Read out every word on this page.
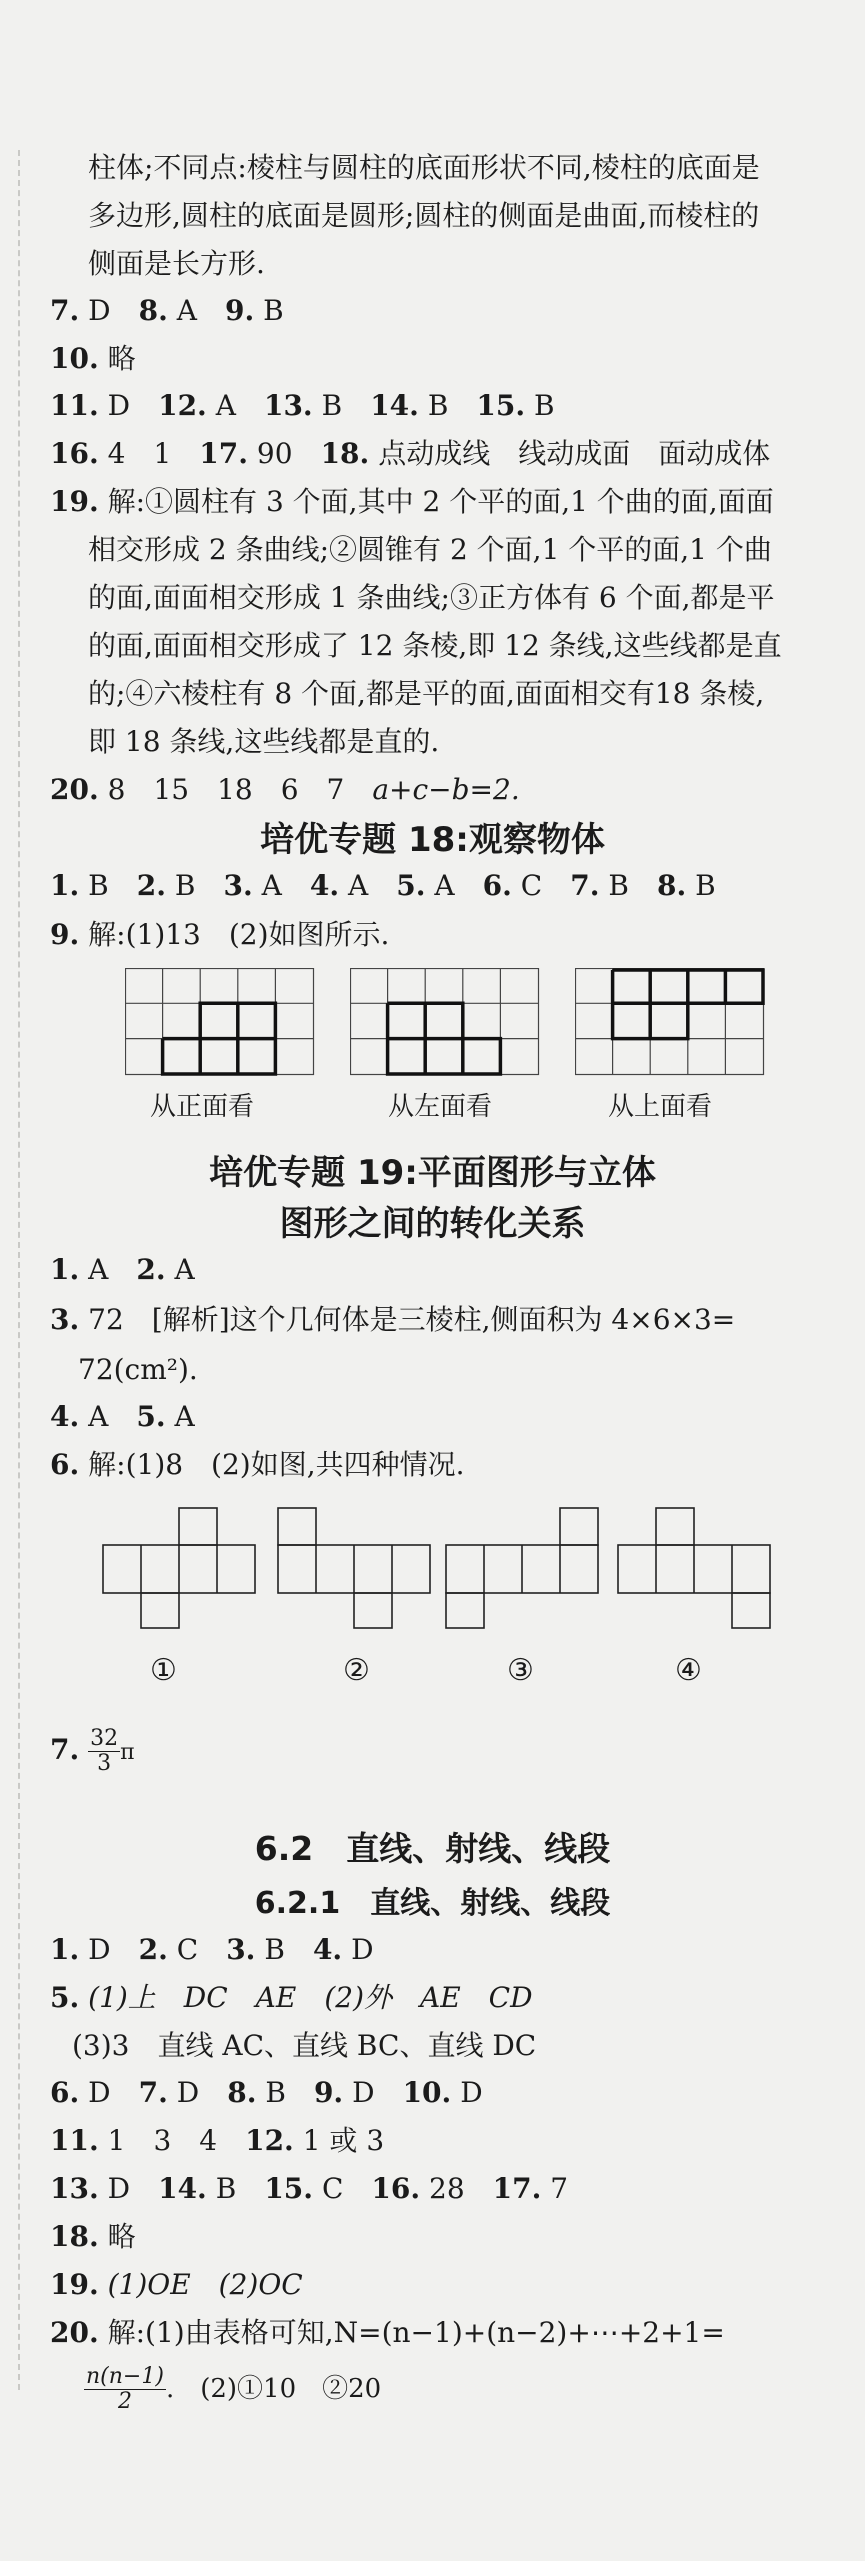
柱体;不同点:棱柱与圆柱的底面形状不同,棱柱的底面是
多边形,圆柱的底面是圆形;圆柱的侧面是曲面,而棱柱的
侧面是长方形.
7. D　 8. A　 9. B
10. 略
11. D　 12. A　 13. B　 14. B　 15. B
16. 4　1　 17. 90　 18. 点动成线　线动成面　面动成体
19. 解:①圆柱有 3 个面,其中 2 个平的面,1 个曲的面,面面
相交形成 2 条曲线;②圆锥有 2 个面,1 个平的面,1 个曲
的面,面面相交形成 1 条曲线;③正方体有 6 个面,都是平
的面,面面相交形成了 12 条棱,即 12 条线,这些线都是直
的;④六棱柱有 8 个面,都是平的面,面面相交有18 条棱,
即 18 条线,这些线都是直的.
20. 8　15　18　6　7　a+c−b=2.
培优专题 18:观察物体
1. B　 2. B　 3. A　 4. A　 5. A　 6. C　 7. B　 8. B
9. 解:(1)13　(2)如图所示.
从正面看	从左面看	从上面看
培优专题 19:平面图形与立体
图形之间的转化关系
1. A　 2. A
3. 72　[解析]这个几何体是三棱柱,侧面积为 4×6×3=
72(cm²).
4. A　 5. A
6. 解:(1)8　(2)如图,共四种情况.
①	②	③	④
7. $\frac{32}{3}$ π
6.2　直线、射线、线段
6.2.1　直线、射线、线段
1. D　 2. C　 3. B　 4. D
5. (1)上　DC　AE　(2)外　AE　CD
(3)3　直线 AC、直线 BC、直线 DC
6. D　 7. D　 8. B　 9. D　 10. D
11. 1　3　4　 12. 1 或 3
13. D　 14. B　 15. C　 16. 28　 17. 7
18. 略
19. (1)OE　(2)OC
20. 解:(1)由表格可知,N=(n−1)+(n−2)+⋯+2+1=
$\frac{n(n-1)}{2}$ .　(2)①10　②20
